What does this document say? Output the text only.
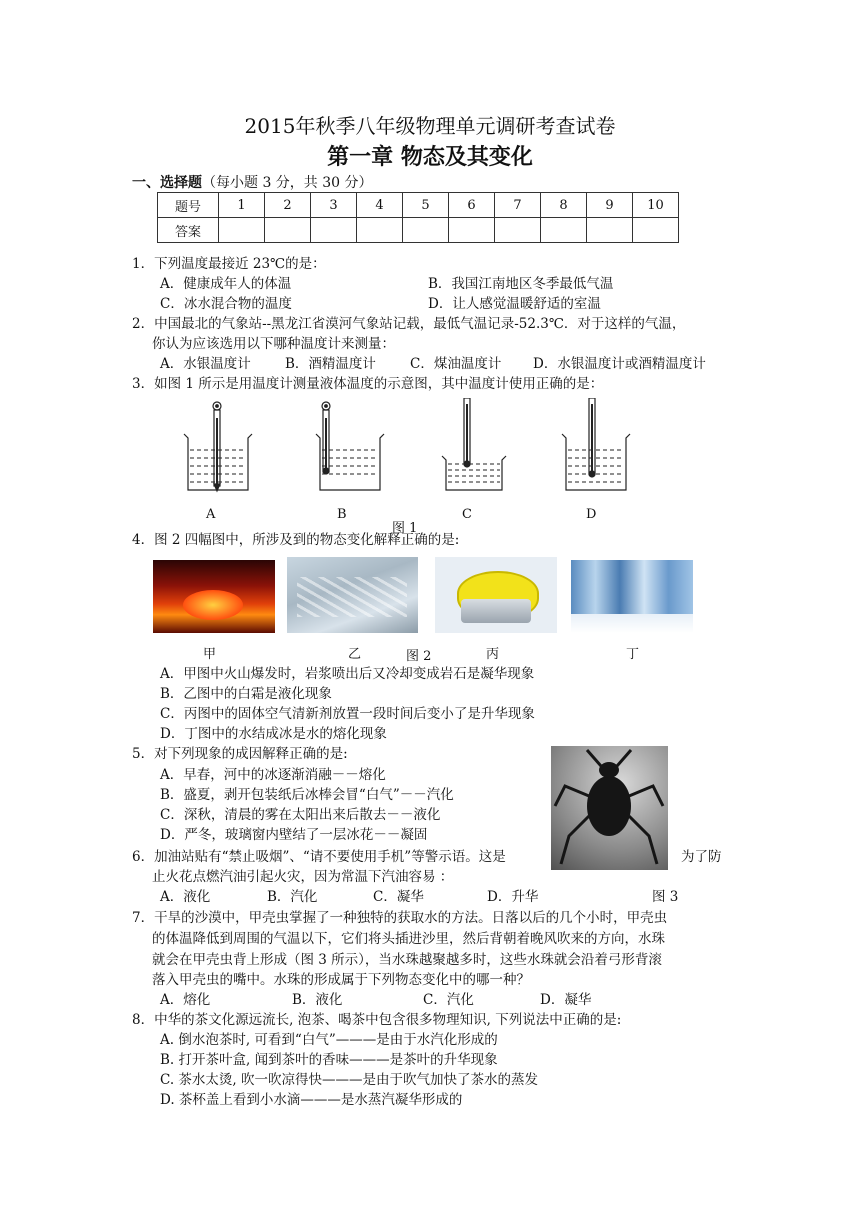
2015年秋季八年级物理单元调研考查试卷
第一章 物态及其变化
一、选择题（每小题 3 分，共 30 分）
题号	1	2	3	4	5	6	7	8	9	10
答案										
1．下列温度最接近 23℃的是：
A．健康成年人的体温	B．我国江南地区冬季最低气温
C．冰水混合物的温度	D．让人感觉温暖舒适的室温
2．中国最北的气象站--黑龙江省漠河气象站记载，最低气温记录-52.3℃．对于这样的气温，
你认为应该选用以下哪种温度计来测量：
A．水银温度计	B．酒精温度计	C．煤油温度计 D．水银温度计或酒精温度计
3．如图 1 所示是用温度计测量液体温度的示意图，其中温度计使用正确的是：
A	B	C	D
图 1
4．图 2 四幅图中，所涉及到的物态变化解释正确的是:
甲	乙	丙	丁
图 2
A．甲图中火山爆发时，岩浆喷出后又冷却变成岩石是凝华现象
B．乙图中的白霜是液化现象
C．丙图中的固体空气清新剂放置一段时间后变小了是升华现象
D．丁图中的水结成冰是水的熔化现象
5．对下列现象的成因解释正确的是:
A．早春，河中的冰逐渐消融－－熔化
B．盛夏，剥开包装纸后冰棒会冒“白气”－－汽化
C．深秋，清晨的雾在太阳出来后散去－－液化
D．严冬，玻璃窗内壁结了一层冰花－－凝固
6．加油站贴有“禁止吸烟”、“请不要使用手机”等警示语。这是	为了防
止火花点燃汽油引起火灾，因为常温下汽油容易 ：
A．液化	B．汽化	C．凝华	D．升华	图 3
7．干旱的沙漠中，甲壳虫掌握了一种独特的获取水的方法。日落以后的几个小时，甲壳虫
的体温降低到周围的气温以下，它们将头插进沙里，然后背朝着晚风吹来的方向，水珠
就会在甲壳虫背上形成（图 3 所示），当水珠越聚越多时，这些水珠就会沿着弓形背滚
落入甲壳虫的嘴中。水珠的形成属于下列物态变化中的哪一种？
A．熔化	B．液化	C．汽化	D．凝华
8．中华的茶文化源远流长, 泡茶、喝茶中包含很多物理知识, 下列说法中正确的是:
A. 倒水泡茶时, 可看到“白气”———是由于水汽化形成的
B. 打开茶叶盒, 闻到茶叶的香味———是茶叶的升华现象
C. 茶水太烫, 吹一吹凉得快———是由于吹气加快了茶水的蒸发
D. 茶杯盖上看到小水滴———是水蒸汽凝华形成的
